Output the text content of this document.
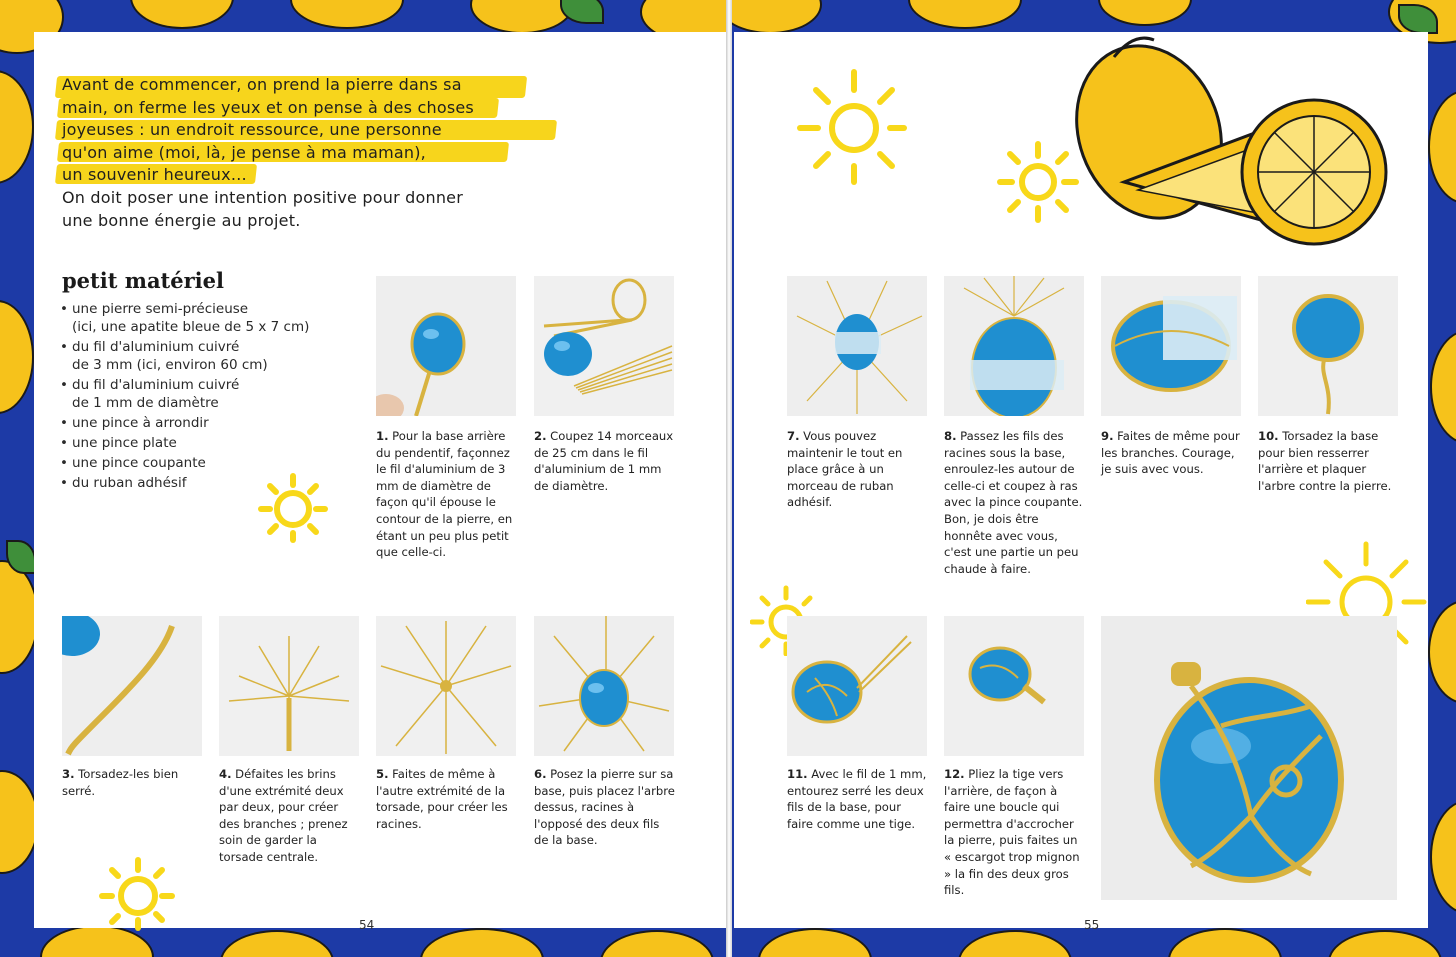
Avant de commencer, on prend la pierre dans sa
main, on ferme les yeux et on pense à des choses
joyeuses : un endroit ressource, une personne
qu'on aime (moi, là, je pense à ma maman),
un souvenir heureux…
On doit poser une intention positive pour donner
une bonne énergie au projet.
petit matériel
• une pierre semi-précieuse
(ici, une apatite bleue de 5 x 7 cm)
• du fil d'aluminium cuivré
de 3 mm (ici, environ 60 cm)
• du fil d'aluminium cuivré
de 1 mm de diamètre
• une pince à arrondir
• une pince plate
• une pince coupante
• du ruban adhésif
1. Pour la base arrière du pendentif, façonnez le fil d'aluminium de 3 mm de diamètre de façon qu'il épouse le contour de la pierre, en étant un peu plus petit que celle-ci.
2. Coupez 14 morceaux de 25 cm dans le fil d'aluminium de 1 mm de diamètre.
3. Torsadez-les bien serré.
4. Défaites les brins d'une extrémité deux par deux, pour créer des branches ; prenez soin de garder la torsade centrale.
5. Faites de même à l'autre extrémité de la torsade, pour créer les racines.
6. Posez la pierre sur sa base, puis placez l'arbre dessus, racines à l'opposé des deux fils de la base.
54
7. Vous pouvez maintenir le tout en place grâce à un morceau de ruban adhésif.
8. Passez les fils des racines sous la base, enroulez-les autour de celle-ci et coupez à ras avec la pince coupante. Bon, je dois être honnête avec vous, c'est une partie un peu chaude à faire.
9. Faites de même pour les branches. Courage, je suis avec vous.
10. Torsadez la base pour bien resserrer l'arrière et plaquer l'arbre contre la pierre.
11. Avec le fil de 1 mm, entourez serré les deux fils de la base, pour faire comme une tige.
12. Pliez la tige vers l'arrière, de façon à faire une boucle qui permettra d'accrocher la pierre, puis faites un « escargot trop mignon » la fin des deux gros fils.
55
